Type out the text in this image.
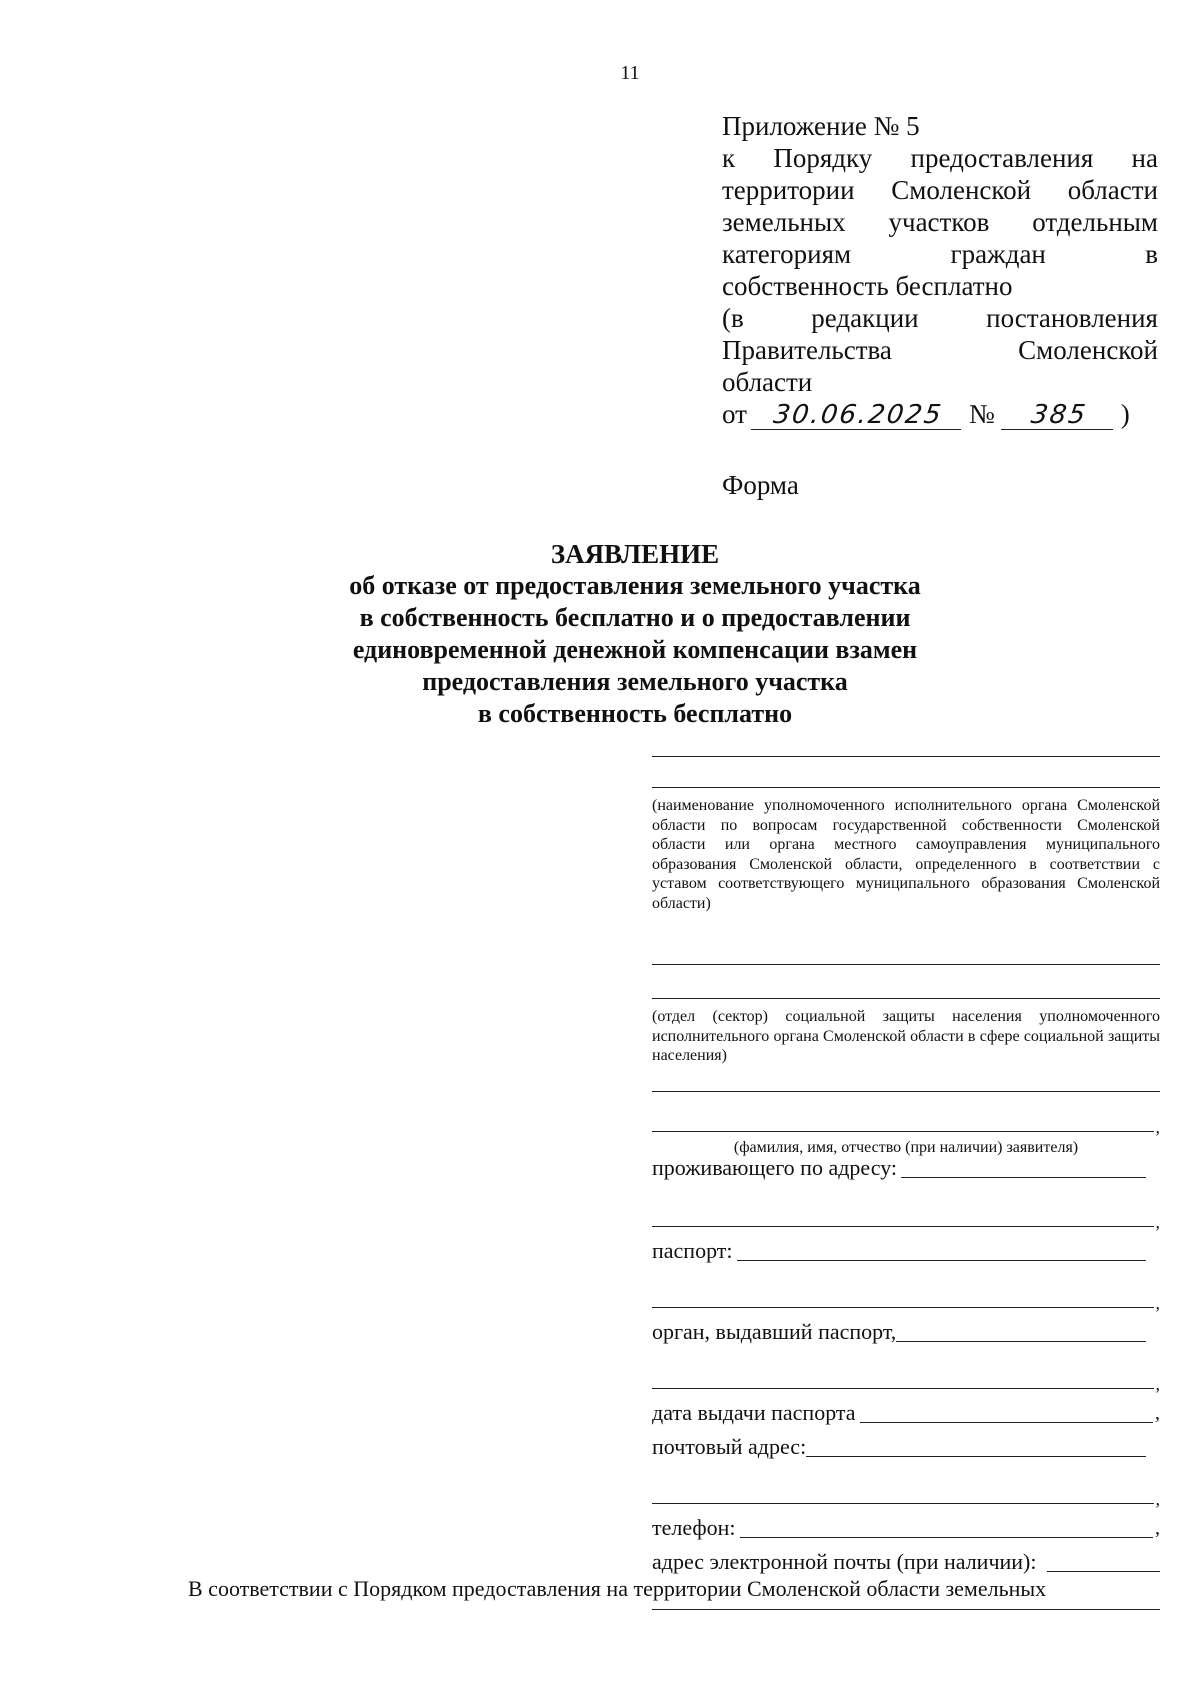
11
Приложение № 5
к Порядку предоставления на
территории Смоленской области
земельных участков отдельным
категориям	граждан	в
собственность бесплатно
(в	редакции	постановления
Правительства	Смоленской
области
от 30.06.2025 №	385	)
Форма
ЗАЯВЛЕНИЕ
об отказе от предоставления земельного участка
в собственность бесплатно и о предоставлении
единовременной денежной компенсации взамен
предоставления земельного участка
в собственность бесплатно
(наименование уполномоченного исполнительного органа Смоленской области по вопросам государственной собственности Смоленской области или органа местного самоуправления муниципального образования Смоленской области, определенного в соответствии с уставом соответствующего муниципального образования Смоленской области)
(отдел (сектор) социальной защиты населения уполномоченного исполнительного органа Смоленской области в сфере социальной защиты населения)
,
(фамилия, имя, отчество (при наличии) заявителя)
проживающего по адресу:
,
паспорт:
,
орган, выдавший паспорт,
,
дата выдачи паспорта	,
почтовый адрес:
,
телефон:	,
адрес электронной почты (при наличии):
В соответствии с Порядком предоставления на территории Смоленской области земельных
